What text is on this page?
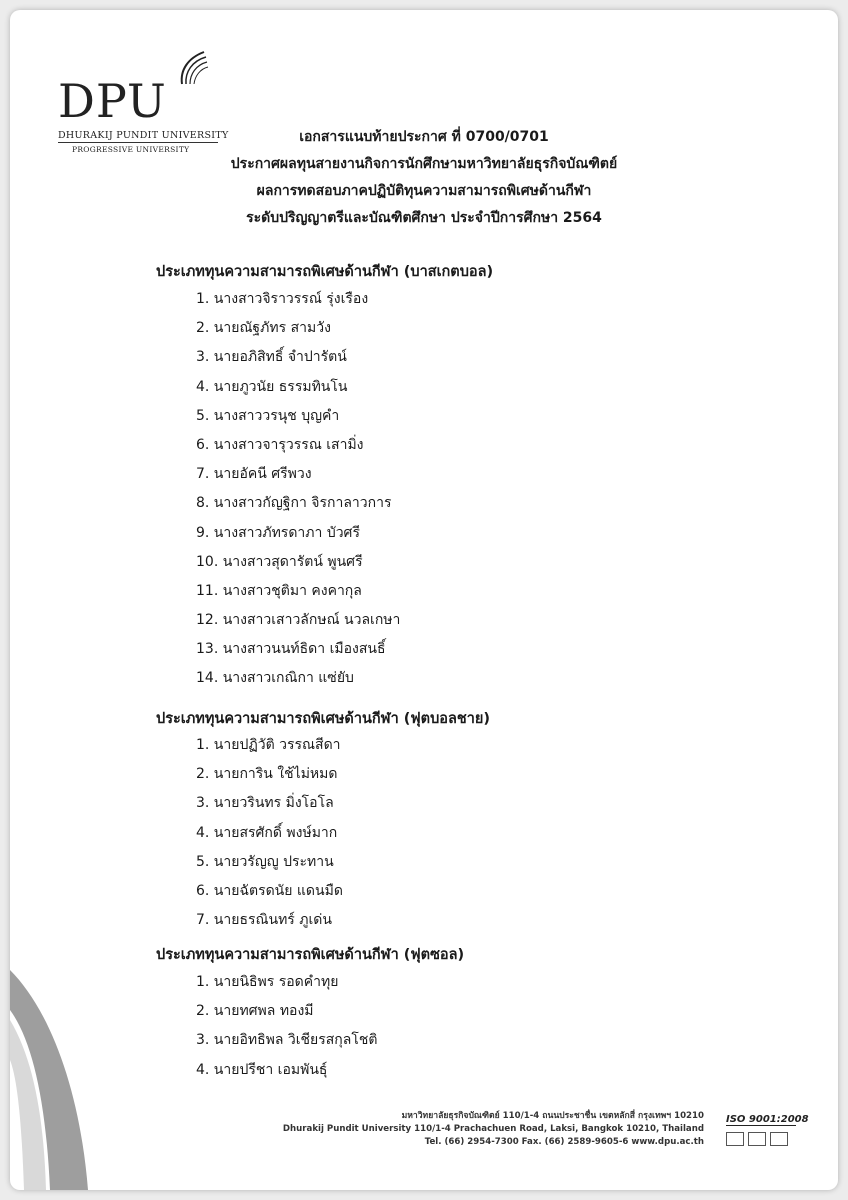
DPU
DHURAKIJ PUNDIT UNIVERSITY
PROGRESSIVE UNIVERSITY
เอกสารแนบท้ายประกาศ ที่ 0700/0701
ประกาศผลทุนสายงานกิจการนักศึกษามหาวิทยาลัยธุรกิจบัณฑิตย์
ผลการทดสอบภาคปฏิบัติทุนความสามารถพิเศษด้านกีฬา
ระดับปริญญาตรีและบัณฑิตศึกษา ประจำปีการศึกษา 2564
ประเภททุนความสามารถพิเศษด้านกีฬา (บาสเกตบอล)
1. นางสาวจิราวรรณ์ รุ่งเรือง
2. นายณัฐภัทร สามวัง
3. นายอภิสิทธิ์ จำปารัตน์
4. นายภูวนัย ธรรมทินโน
5. นางสาววรนุช บุญคำ
6. นางสาวจารุวรรณ เสามิ่ง
7. นายอัคนี ศรีพวง
8. นางสาวกัญฐิกา จิรกาลาวการ
9. นางสาวภัทรดาภา บัวศรี
10. นางสาวสุดารัตน์ พูนศรี
11. นางสาวชุติมา คงคากุล
12. นางสาวเสาวลักษณ์ นวลเกษา
13. นางสาวนนท์ธิดา เมืองสนธิ์
14. นางสาวเกณิกา แซ่ยับ
ประเภททุนความสามารถพิเศษด้านกีฬา (ฟุตบอลชาย)
1. นายปฏิวัติ วรรณสีดา
2. นายการิน ใช้ไม่หมด
3. นายวรินทร มิ่งโอโล
4. นายสรศักดิ์ พงษ์มาก
5. นายวรัญญู ประทาน
6. นายฉัตรดนัย แดนมืด
7. นายธรณินทร์ ภูเด่น
ประเภททุนความสามารถพิเศษด้านกีฬา (ฟุตซอล)
1. นายนิธิพร รอดคำทุย
2. นายทศพล ทองมี
3. นายอิทธิพล วิเชียรสกุลโชติ
4. นายปรีชา เอมพันธุ์
มหาวิทยาลัยธุรกิจบัณฑิตย์ 110/1-4 ถนนประชาชื่น เขตหลักสี่ กรุงเทพฯ 10210
Dhurakij Pundit University 110/1-4 Prachachuen Road, Laksi, Bangkok 10210, Thailand
Tel. (66) 2954-7300 Fax. (66) 2589-9605-6 www.dpu.ac.th
ISO 9001:2008
